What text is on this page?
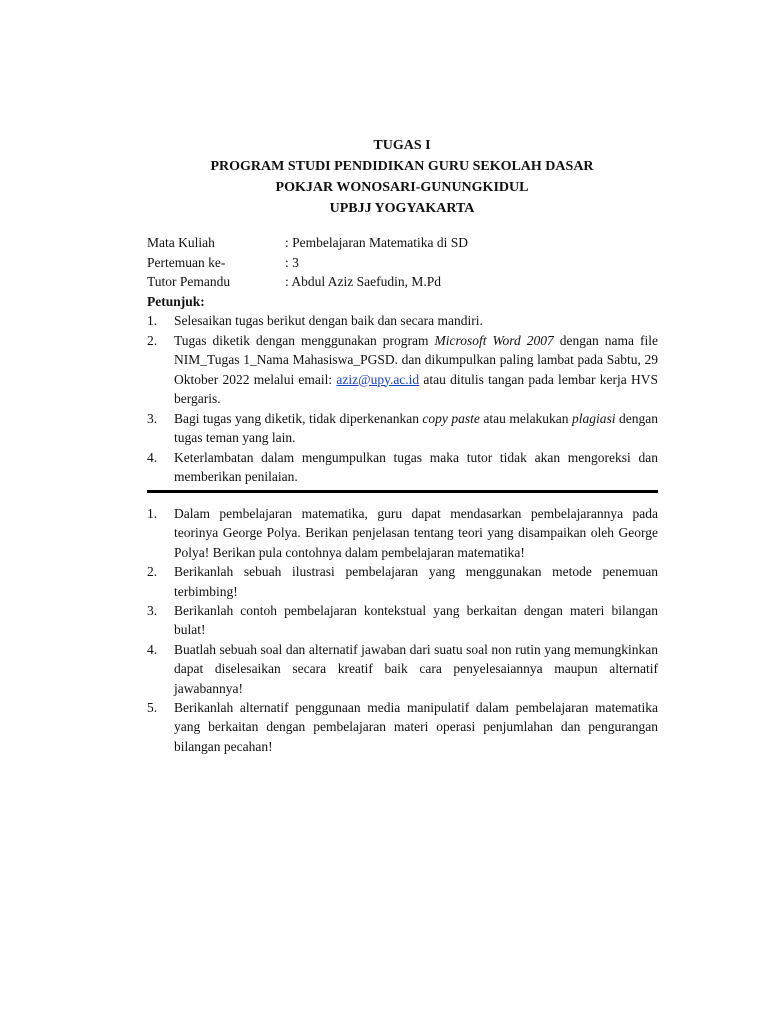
TUGAS I
PROGRAM STUDI PENDIDIKAN GURU SEKOLAH DASAR
POKJAR WONOSARI-GUNUNGKIDUL
UPBJJ YOGYAKARTA
Mata Kuliah	: Pembelajaran Matematika di SD
Pertemuan ke-	: 3
Tutor Pemandu	: Abdul Aziz Saefudin, M.Pd
Petunjuk:
1.	Selesaikan tugas berikut dengan baik dan secara mandiri.
2.	Tugas diketik dengan menggunakan program Microsoft Word 2007 dengan nama file NIM_Tugas 1_Nama Mahasiswa_PGSD. dan dikumpulkan paling lambat pada Sabtu, 29 Oktober 2022 melalui email: aziz@upy.ac.id atau ditulis tangan pada lembar kerja HVS bergaris.
3.	Bagi tugas yang diketik, tidak diperkenankan copy paste atau melakukan plagiasi dengan tugas teman yang lain.
4.	Keterlambatan dalam mengumpulkan tugas maka tutor tidak akan mengoreksi dan memberikan penilaian.
1.	Dalam pembelajaran matematika, guru dapat mendasarkan pembelajarannya pada teorinya George Polya. Berikan penjelasan tentang teori yang disampaikan oleh George Polya! Berikan pula contohnya dalam pembelajaran matematika!
2.	Berikanlah sebuah ilustrasi pembelajaran yang menggunakan metode penemuan terbimbing!
3.	Berikanlah contoh pembelajaran kontekstual yang berkaitan dengan materi bilangan bulat!
4.	Buatlah sebuah soal dan alternatif jawaban dari suatu soal non rutin yang memungkinkan dapat diselesaikan secara kreatif baik cara penyelesaiannya maupun alternatif jawabannya!
5.	Berikanlah alternatif penggunaan media manipulatif dalam pembelajaran matematika yang berkaitan dengan pembelajaran materi operasi penjumlahan dan pengurangan bilangan pecahan!
